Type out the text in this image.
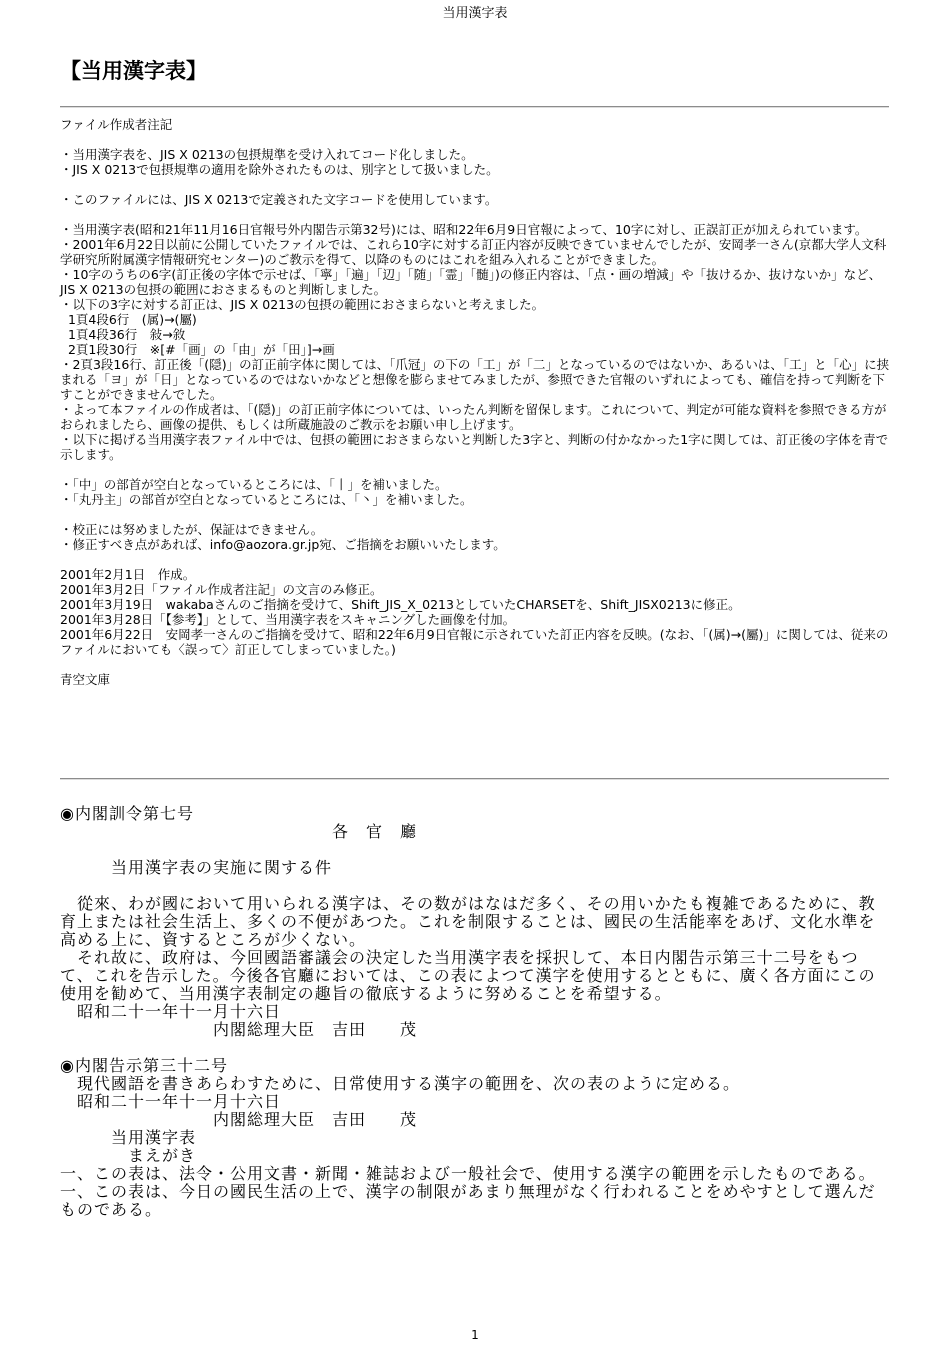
当用漢字表
【当用漢字表】

ファイル作成者注記

・当用漢字表を、JIS X 0213の包摂規準を受け入れてコード化しました。

・JIS X 0213で包摂規準の適用を除外されたものは、別字として扱いました。

・このファイルには、JIS X 0213で定義された文字コードを使用しています。

・当用漢字表(昭和21年11月16日官報号外内閣告示第32号)には、昭和22年6月9日官報によって、10字に対し、正誤訂正が加えられています。

・2001年6月22日以前に公開していたファイルでは、これら10字に対する訂正内容が反映できていませんでしたが、安岡孝一さん(京都大学人文科学研究所附属漢字情報研究センター)のご教示を得て、以降のものにはこれを組み入れることができました。

・10字のうちの6字(訂正後の字体で示せば、「寧」「遍」「辺」「随」「霊」「髄」)の修正内容は、「点・画の増減」や「抜けるか、抜けないか」など、JIS X 0213の包摂の範囲におさまるものと判断しました。

・以下の3字に対する訂正は、JIS X 0213の包摂の範囲におさまらないと考えました。

1頁4段6行　(属)→(屬)

1頁4段36行　敍→敘

2頁1段30行　※[#「画」の「由」が「田」]→画

・2頁3段16行、訂正後「(隠)」の訂正前字体に関しては、「爪冠」の下の「工」が「二」となっているのではないか、あるいは、「工」と「心」に挟まれる「ヨ」が「日」となっているのではないかなどと想像を膨らませてみましたが、参照できた官報のいずれによっても、確信を持って判断を下すことができませんでした。

・よって本ファイルの作成者は、「(隠)」の訂正前字体については、いったん判断を留保します。これについて、判定が可能な資料を参照できる方がおられましたら、画像の提供、もしくは所蔵施設のご教示をお願い申し上げます。

・以下に掲げる当用漢字表ファイル中では、包摂の範囲におさまらないと判断した3字と、判断の付かなかった1字に関しては、訂正後の字体を青で示します。

・「中」の部首が空白となっているところには、「丨」を補いました。

・「丸丹主」の部首が空白となっているところには、「丶」を補いました。

・校正には努めましたが、保証はできません。

・修正すべき点があれば、info@aozora.gr.jp宛、ご指摘をお願いいたします。

2001年2月1日　作成。

2001年3月2日「ファイル作成者注記」の文言のみ修正。

2001年3月19日　wakabaさんのご指摘を受けて、Shift_JIS_X_0213としていたCHARSETを、Shift_JISX0213に修正。

2001年3月28日「【参考】」として、当用漢字表をスキャニングした画像を付加。

2001年6月22日　安岡孝一さんのご指摘を受けて、昭和22年6月9日官報に示されていた訂正内容を反映。(なお、「(属)→(屬)」に関しては、従来のファイルにおいても〈誤って〉訂正してしまっていました。)

青空文庫

◉内閣訓令第七号

　　　　　　　　　　　　　　　　各　官　廳

　　　当用漢字表の実施に関する件

　從來、わが國において用いられる漢字は、その数がはなはだ多く、その用いかたも複雑であるために、教育上または社会生活上、多くの不便があつた。これを制限することは、國民の生活能率をあげ、文化水準を高める上に、資するところが少くない。

　それ故に、政府は、今回國語審議会の決定した当用漢字表を採択して、本日内閣告示第三十二号をもつて、これを告示した。今後各官廳においては、この表によつて漢字を使用するとともに、廣く各方面にこの使用を勧めて、当用漢字表制定の趣旨の徹底するように努めることを希望する。

　昭和二十一年十一月十六日

　　　　　　　　　内閣総理大臣　吉田　　茂

◉内閣告示第三十二号

　現代國語を書きあらわすために、日常使用する漢字の範囲を、次の表のように定める。

　昭和二十一年十一月十六日

　　　　　　　　　内閣総理大臣　吉田　　茂

　　　当用漢字表

　　　　まえがき

一、この表は、法令・公用文書・新聞・雑誌および一般社会で、使用する漢字の範囲を示したものである。

一、この表は、今日の國民生活の上で、漢字の制限があまり無理がなく行われることをめやすとして選んだものである。

1
